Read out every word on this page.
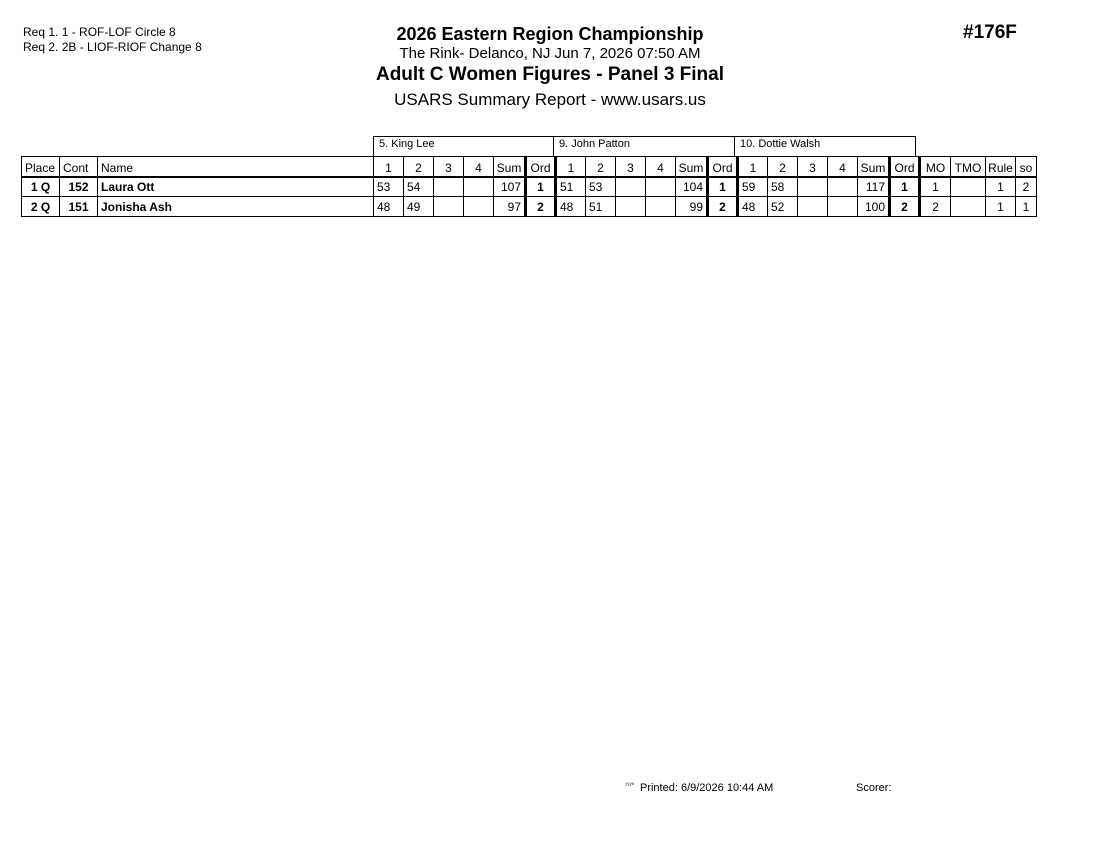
Req 1. 1 - ROF-LOF Circle 8
Req 2. 2B - LIOF-RIOF Change 8
#176F
2026 Eastern Region Championship
The Rink- Delanco, NJ Jun 7, 2026 07:50 AM
Adult C Women Figures - Panel 3 Final
USARS Summary Report - www.usars.us
5. King Lee	9. John Patton	10. Dottie Walsh
Place	Cont	Name	1	2	3	4	Sum	Ord	1	2	3	4	Sum	Ord	1	2	3	4	Sum	Ord	MO	TMO	Rule	so
1 Q	152	Laura Ott	53	54			107	1	51	53			104	1	59	58			117	1	1		1	2
2 Q	151	Jonisha Ash	48	49			97	2	48	51			99	2	48	52			100	2	2		1	1
$^{^{1920}}$ Printed: 6/9/2026 10:44 AM	Scorer:
